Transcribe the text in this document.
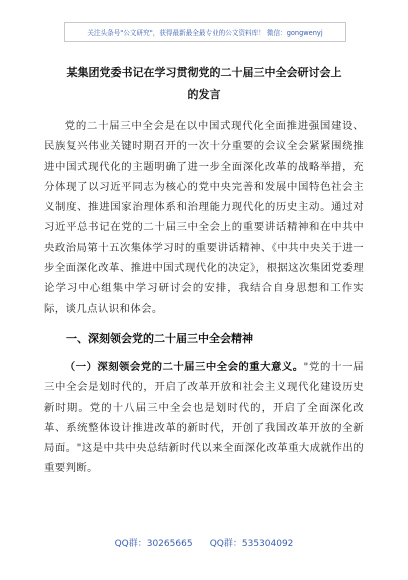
关注头条号"公文研究"，获得最新最全最专业的公文资料库！ 微信：gongwenyj

某集团党委书记在学习贯彻党的二十届三中全会研讨会上
的发言

党的二十届三中全会是在以中国式现代化全面推进强国建设、民族复兴伟业关键时期召开的一次十分重要的会议全会紧紧围绕推进中国式现代化的主题明确了进一步全面深化改革的战略举措，充分体现了以习近平同志为核心的党中央完善和发展中国特色社会主义制度、推进国家治理体系和治理能力现代化的历史主动。通过对习近平总书记在党的二十届三中全会上的重要讲话精神和在中共中央政治局第十五次集体学习时的重要讲话精神、《中共中央关于进一步全面深化改革、推进中国式现代化的决定》，根据这次集团党委理论学习中心组集中学习研讨会的安排，我结合自身思想和工作实际，谈几点认识和体会。

一、深刻领会党的二十届三中全会精神

（一）深刻领会党的二十届三中全会的重大意义。"党的十一届三中全会是划时代的，开启了改革开放和社会主义现代化建设历史新时期。党的十八届三中全会也是划时代的，开启了全面深化改革、系统整体设计推进改革的新时代，开创了我国改革开放的全新局面。"这是中共中央总结新时代以来全面深化改革重大成就作出的重要判断。

QQ群：30265665      QQ群：535304092
